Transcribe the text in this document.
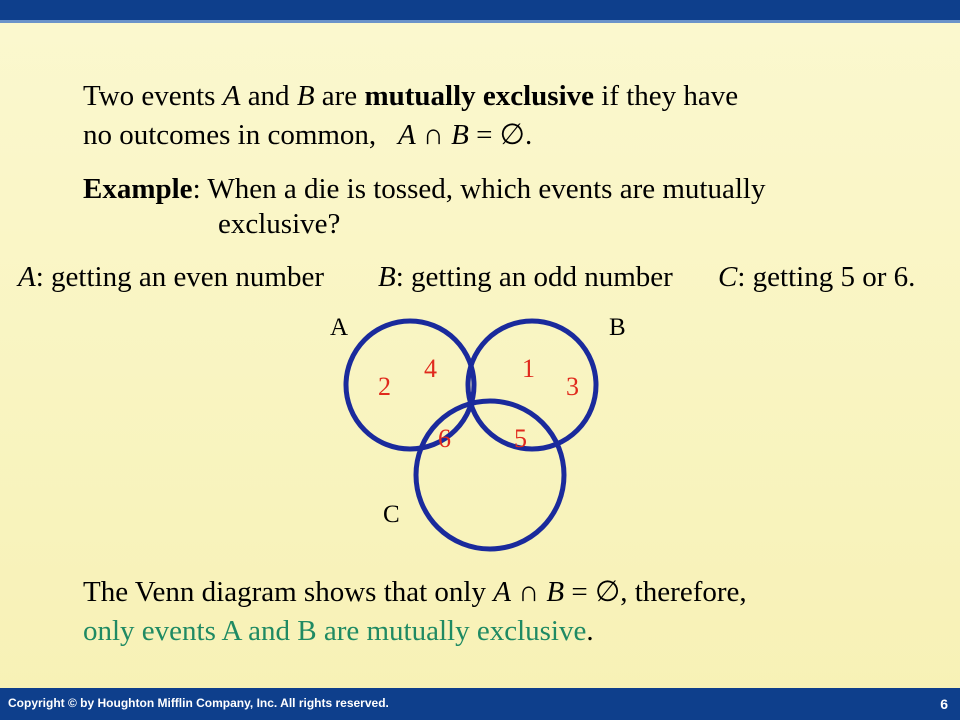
Two events A and B are mutually exclusive if they have
no outcomes in common,   A ∩ B = ∅.
Example: When a die is tossed, which events are mutually
exclusive?
A: getting an even number B: getting an odd number C: getting 5 or 6.
A	B
C
2
4	1
3
6 5
The Venn diagram shows that only A ∩ B = ∅, therefore,
only events A and B are mutually exclusive.
Copyright © by Houghton Mifflin Company, Inc. All rights reserved.	6
